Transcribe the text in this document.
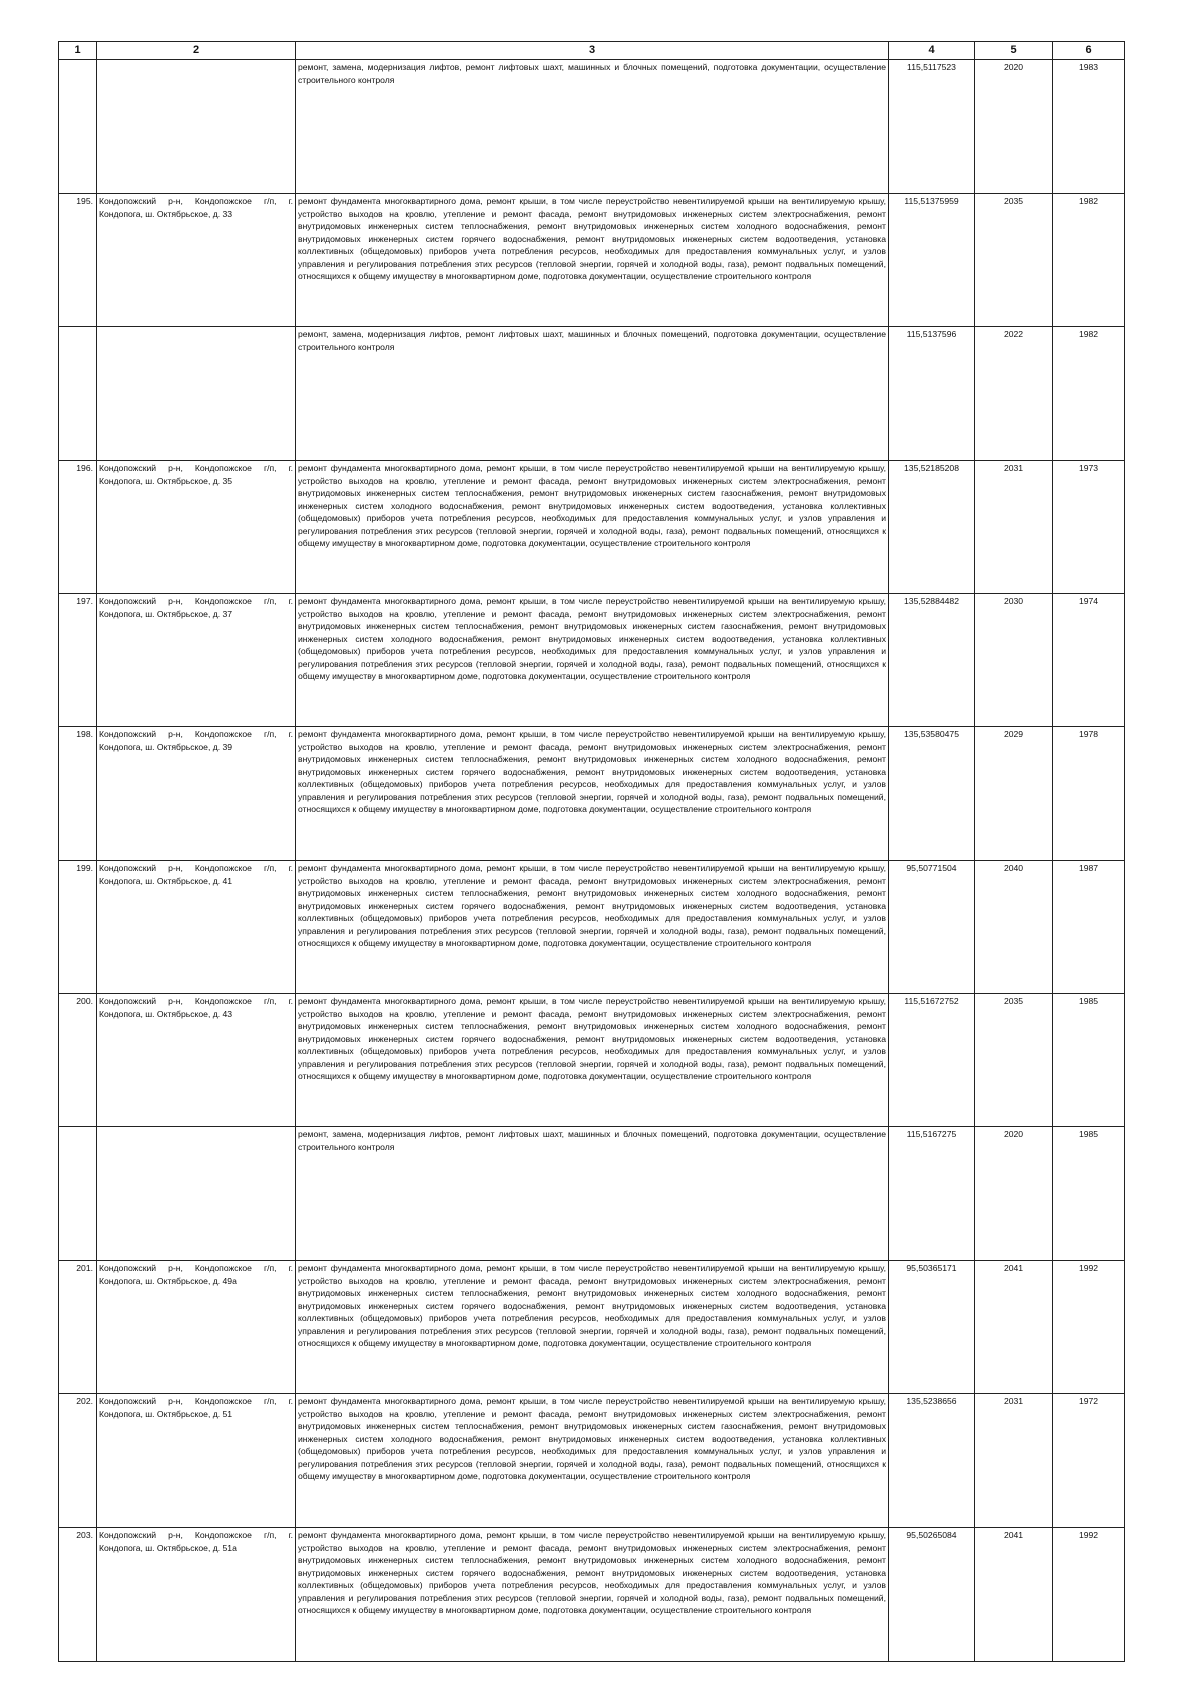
1	2	3	4	5	6
		ремонт, замена, модернизация лифтов, ремонт лифтовых шахт, машинных и блочных помещений, подготовка документации, осуществление строительного контроля	115,5117523	2020	1983
195.	Кондопожский р-н, Кондопожское г/п, г. Кондопога, ш. Октябрьское, д. 33	ремонт фундамента многоквартирного дома, ремонт крыши, в том числе переустройство невентилируемой крыши на вентилируемую крышу, устройство выходов на кровлю, утепление и ремонт фасада, ремонт внутридомовых инженерных систем электроснабжения, ремонт внутридомовых инженерных систем теплоснабжения, ремонт внутридомовых инженерных систем холодного водоснабжения, ремонт внутридомовых инженерных систем горячего водоснабжения, ремонт внутридомовых инженерных систем водоотведения, установка коллективных (общедомовых) приборов учета потребления ресурсов, необходимых для предоставления коммунальных услуг, и узлов управления и регулирования потребления этих ресурсов (тепловой энергии, горячей и холодной воды, газа), ремонт подвальных помещений, относящихся к общему имуществу в многоквартирном доме, подготовка документации, осуществление строительного контроля	115,51375959	2035	1982
		ремонт, замена, модернизация лифтов, ремонт лифтовых шахт, машинных и блочных помещений, подготовка документации, осуществление строительного контроля	115,5137596	2022	1982
196.	Кондопожский р-н, Кондопожское г/п, г. Кондопога, ш. Октябрьское, д. 35	ремонт фундамента многоквартирного дома, ремонт крыши, в том числе переустройство невентилируемой крыши на вентилируемую крышу, устройство выходов на кровлю, утепление и ремонт фасада, ремонт внутридомовых инженерных систем электроснабжения, ремонт внутридомовых инженерных систем теплоснабжения, ремонт внутридомовых инженерных систем газоснабжения, ремонт внутридомовых инженерных систем холодного водоснабжения, ремонт внутридомовых инженерных систем водоотведения, установка коллективных (общедомовых) приборов учета потребления ресурсов, необходимых для предоставления коммунальных услуг, и узлов управления и регулирования потребления этих ресурсов (тепловой энергии, горячей и холодной воды, газа), ремонт подвальных помещений, относящихся к общему имуществу в многоквартирном доме, подготовка документации, осуществление строительного контроля	135,52185208	2031	1973
197.	Кондопожский р-н, Кондопожское г/п, г. Кондопога, ш. Октябрьское, д. 37	ремонт фундамента многоквартирного дома, ремонт крыши, в том числе переустройство невентилируемой крыши на вентилируемую крышу, устройство выходов на кровлю, утепление и ремонт фасада, ремонт внутридомовых инженерных систем электроснабжения, ремонт внутридомовых инженерных систем теплоснабжения, ремонт внутридомовых инженерных систем газоснабжения, ремонт внутридомовых инженерных систем холодного водоснабжения, ремонт внутридомовых инженерных систем водоотведения, установка коллективных (общедомовых) приборов учета потребления ресурсов, необходимых для предоставления коммунальных услуг, и узлов управления и регулирования потребления этих ресурсов (тепловой энергии, горячей и холодной воды, газа), ремонт подвальных помещений, относящихся к общему имуществу в многоквартирном доме, подготовка документации, осуществление строительного контроля	135,52884482	2030	1974
198.	Кондопожский р-н, Кондопожское г/п, г. Кондопога, ш. Октябрьское, д. 39	ремонт фундамента многоквартирного дома, ремонт крыши, в том числе переустройство невентилируемой крыши на вентилируемую крышу, устройство выходов на кровлю, утепление и ремонт фасада, ремонт внутридомовых инженерных систем электроснабжения, ремонт внутридомовых инженерных систем теплоснабжения, ремонт внутридомовых инженерных систем холодного водоснабжения, ремонт внутридомовых инженерных систем горячего водоснабжения, ремонт внутридомовых инженерных систем водоотведения, установка коллективных (общедомовых) приборов учета потребления ресурсов, необходимых для предоставления коммунальных услуг, и узлов управления и регулирования потребления этих ресурсов (тепловой энергии, горячей и холодной воды, газа), ремонт подвальных помещений, относящихся к общему имуществу в многоквартирном доме, подготовка документации, осуществление строительного контроля	135,53580475	2029	1978
199.	Кондопожский р-н, Кондопожское г/п, г. Кондопога, ш. Октябрьское, д. 41	ремонт фундамента многоквартирного дома, ремонт крыши, в том числе переустройство невентилируемой крыши на вентилируемую крышу, устройство выходов на кровлю, утепление и ремонт фасада, ремонт внутридомовых инженерных систем электроснабжения, ремонт внутридомовых инженерных систем теплоснабжения, ремонт внутридомовых инженерных систем холодного водоснабжения, ремонт внутридомовых инженерных систем горячего водоснабжения, ремонт внутридомовых инженерных систем водоотведения, установка коллективных (общедомовых) приборов учета потребления ресурсов, необходимых для предоставления коммунальных услуг, и узлов управления и регулирования потребления этих ресурсов (тепловой энергии, горячей и холодной воды, газа), ремонт подвальных помещений, относящихся к общему имуществу в многоквартирном доме, подготовка документации, осуществление строительного контроля	95,50771504	2040	1987
200.	Кондопожский р-н, Кондопожское г/п, г. Кондопога, ш. Октябрьское, д. 43	ремонт фундамента многоквартирного дома, ремонт крыши, в том числе переустройство невентилируемой крыши на вентилируемую крышу, устройство выходов на кровлю, утепление и ремонт фасада, ремонт внутридомовых инженерных систем электроснабжения, ремонт внутридомовых инженерных систем теплоснабжения, ремонт внутридомовых инженерных систем холодного водоснабжения, ремонт внутридомовых инженерных систем горячего водоснабжения, ремонт внутридомовых инженерных систем водоотведения, установка коллективных (общедомовых) приборов учета потребления ресурсов, необходимых для предоставления коммунальных услуг, и узлов управления и регулирования потребления этих ресурсов (тепловой энергии, горячей и холодной воды, газа), ремонт подвальных помещений, относящихся к общему имуществу в многоквартирном доме, подготовка документации, осуществление строительного контроля	115,51672752	2035	1985
		ремонт, замена, модернизация лифтов, ремонт лифтовых шахт, машинных и блочных помещений, подготовка документации, осуществление строительного контроля	115,5167275	2020	1985
201.	Кондопожский р-н, Кондопожское г/п, г. Кондопога, ш. Октябрьское, д. 49а	ремонт фундамента многоквартирного дома, ремонт крыши, в том числе переустройство невентилируемой крыши на вентилируемую крышу, устройство выходов на кровлю, утепление и ремонт фасада, ремонт внутридомовых инженерных систем электроснабжения, ремонт внутридомовых инженерных систем теплоснабжения, ремонт внутридомовых инженерных систем холодного водоснабжения, ремонт внутридомовых инженерных систем горячего водоснабжения, ремонт внутридомовых инженерных систем водоотведения, установка коллективных (общедомовых) приборов учета потребления ресурсов, необходимых для предоставления коммунальных услуг, и узлов управления и регулирования потребления этих ресурсов (тепловой энергии, горячей и холодной воды, газа), ремонт подвальных помещений, относящихся к общему имуществу в многоквартирном доме, подготовка документации, осуществление строительного контроля	95,50365171	2041	1992
202.	Кондопожский р-н, Кондопожское г/п, г. Кондопога, ш. Октябрьское, д. 51	ремонт фундамента многоквартирного дома, ремонт крыши, в том числе переустройство невентилируемой крыши на вентилируемую крышу, устройство выходов на кровлю, утепление и ремонт фасада, ремонт внутридомовых инженерных систем электроснабжения, ремонт внутридомовых инженерных систем теплоснабжения, ремонт внутридомовых инженерных систем газоснабжения, ремонт внутридомовых инженерных систем холодного водоснабжения, ремонт внутридомовых инженерных систем водоотведения, установка коллективных (общедомовых) приборов учета потребления ресурсов, необходимых для предоставления коммунальных услуг, и узлов управления и регулирования потребления этих ресурсов (тепловой энергии, горячей и холодной воды, газа), ремонт подвальных помещений, относящихся к общему имуществу в многоквартирном доме, подготовка документации, осуществление строительного контроля	135,5238656	2031	1972
203.	Кондопожский р-н, Кондопожское г/п, г. Кондопога, ш. Октябрьское, д. 51а	ремонт фундамента многоквартирного дома, ремонт крыши, в том числе переустройство невентилируемой крыши на вентилируемую крышу, устройство выходов на кровлю, утепление и ремонт фасада, ремонт внутридомовых инженерных систем электроснабжения, ремонт внутридомовых инженерных систем теплоснабжения, ремонт внутридомовых инженерных систем холодного водоснабжения, ремонт внутридомовых инженерных систем горячего водоснабжения, ремонт внутридомовых инженерных систем водоотведения, установка коллективных (общедомовых) приборов учета потребления ресурсов, необходимых для предоставления коммунальных услуг, и узлов управления и регулирования потребления этих ресурсов (тепловой энергии, горячей и холодной воды, газа), ремонт подвальных помещений, относящихся к общему имуществу в многоквартирном доме, подготовка документации, осуществление строительного контроля	95,50265084	2041	1992
